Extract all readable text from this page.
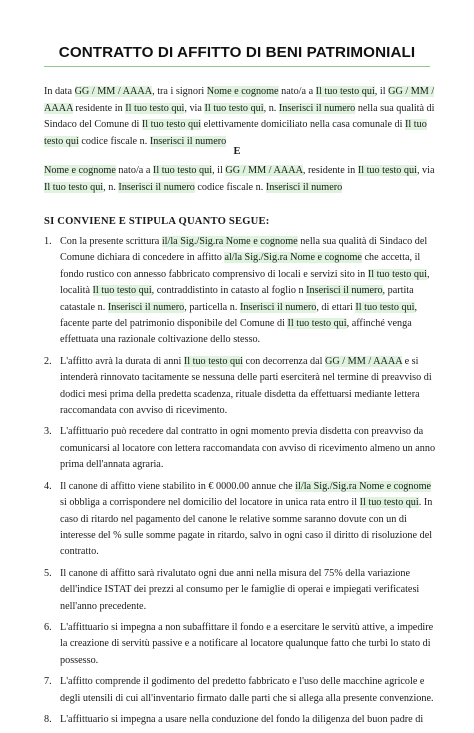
CONTRATTO DI AFFITTO DI BENI PATRIMONIALI
In data GG / MM / AAAA, tra i signori Nome e cognome nato/a a Il tuo testo qui, il GG / MM / AAAA residente in Il tuo testo qui, via Il tuo testo qui, n. Inserisci il numero nella sua qualità di Sindaco del Comune di Il tuo testo qui elettivamente domiciliato nella casa comunale di Il tuo testo qui codice fiscale n. Inserisci il numero
E
Nome e cognome nato/a a Il tuo testo qui, il GG / MM / AAAA, residente in Il tuo testo qui, via Il tuo testo qui, n. Inserisci il numero codice fiscale n. Inserisci il numero
SI CONVIENE E STIPULA QUANTO SEGUE:
1. Con la presente scrittura il/la Sig./Sig.ra Nome e cognome nella sua qualità di Sindaco del Comune dichiara di concedere in affitto al/la Sig./Sig.ra Nome e cognome che accetta, il fondo rustico con annesso fabbricato comprensivo di locali e servizi sito in Il tuo testo qui, località Il tuo testo qui, contraddistinto in catasto al foglio n Inserisci il numero, partita catastale n. Inserisci il numero, particella n. Inserisci il numero, di ettari Il tuo testo qui, facente parte del patrimonio disponibile del Comune di Il tuo testo qui, affinché venga effettuata una razionale coltivazione dello stesso.
2. L'affitto avrà la durata di anni Il tuo testo qui con decorrenza dal GG / MM / AAAA e si intenderà rinnovato tacitamente se nessuna delle parti eserciterà nel termine di preavviso di dodici mesi prima della predetta scadenza, rituale disdetta da effettuarsi mediante lettera raccomandata con avviso di ricevimento.
3. L'affittuario può recedere dal contratto in ogni momento previa disdetta con preavviso da comunicarsi al locatore con lettera raccomandata con avviso di ricevimento almeno un anno prima dell'annata agraria.
4. Il canone di affitto viene stabilito in € 0000.00 annue che il/la Sig./Sig.ra Nome e cognome si obbliga a corrispondere nel domicilio del locatore in unica rata entro il Il tuo testo qui. In caso di ritardo nel pagamento del canone le relative somme saranno dovute con un di interesse del % sulle somme pagate in ritardo, salvo in ogni caso il diritto di risoluzione del contratto.
5. Il canone di affitto sarà rivalutato ogni due anni nella misura del 75% della variazione dell'indice ISTAT dei prezzi al consumo per le famiglie di operai e impiegati verificatesi nell'anno precedente.
6. L'affittuario si impegna a non subaffittare il fondo e a esercitare le servitù attive, a impedire la creazione di servitù passive e a notificare al locatore qualunque fatto che turbi lo stato di possesso.
7. L'affitto comprende il godimento del predetto fabbricato e l'uso delle macchine agricole e degli utensili di cui all'inventario firmato dalle parti che si allega alla presente convenzione.
8. L'affittuario si impegna a usare nella conduzione del fondo la diligenza del buon padre di
